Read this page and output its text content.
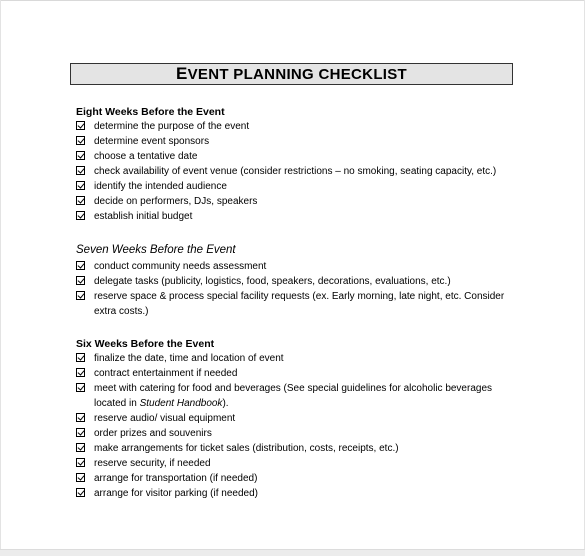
EVENT PLANNING CHECKLIST
Eight Weeks Before the Event
determine the purpose of the event
determine event sponsors
choose a tentative date
check availability of event venue (consider restrictions – no smoking, seating capacity, etc.)
identify the intended audience
decide on performers, DJs, speakers
establish initial budget
Seven Weeks Before the Event
conduct community needs assessment
delegate tasks (publicity, logistics, food, speakers, decorations, evaluations, etc.)
reserve space & process special facility requests (ex. Early morning, late night, etc. Consider extra costs.)
Six Weeks Before the Event
finalize the date, time and location of event
contract entertainment if needed
meet with catering for food and beverages (See special guidelines for alcoholic beverages located in Student Handbook).
reserve audio/ visual equipment
order prizes and souvenirs
make arrangements for ticket sales (distribution, costs, receipts, etc.)
reserve security, if needed
arrange for transportation (if needed)
arrange for visitor parking (if needed)
